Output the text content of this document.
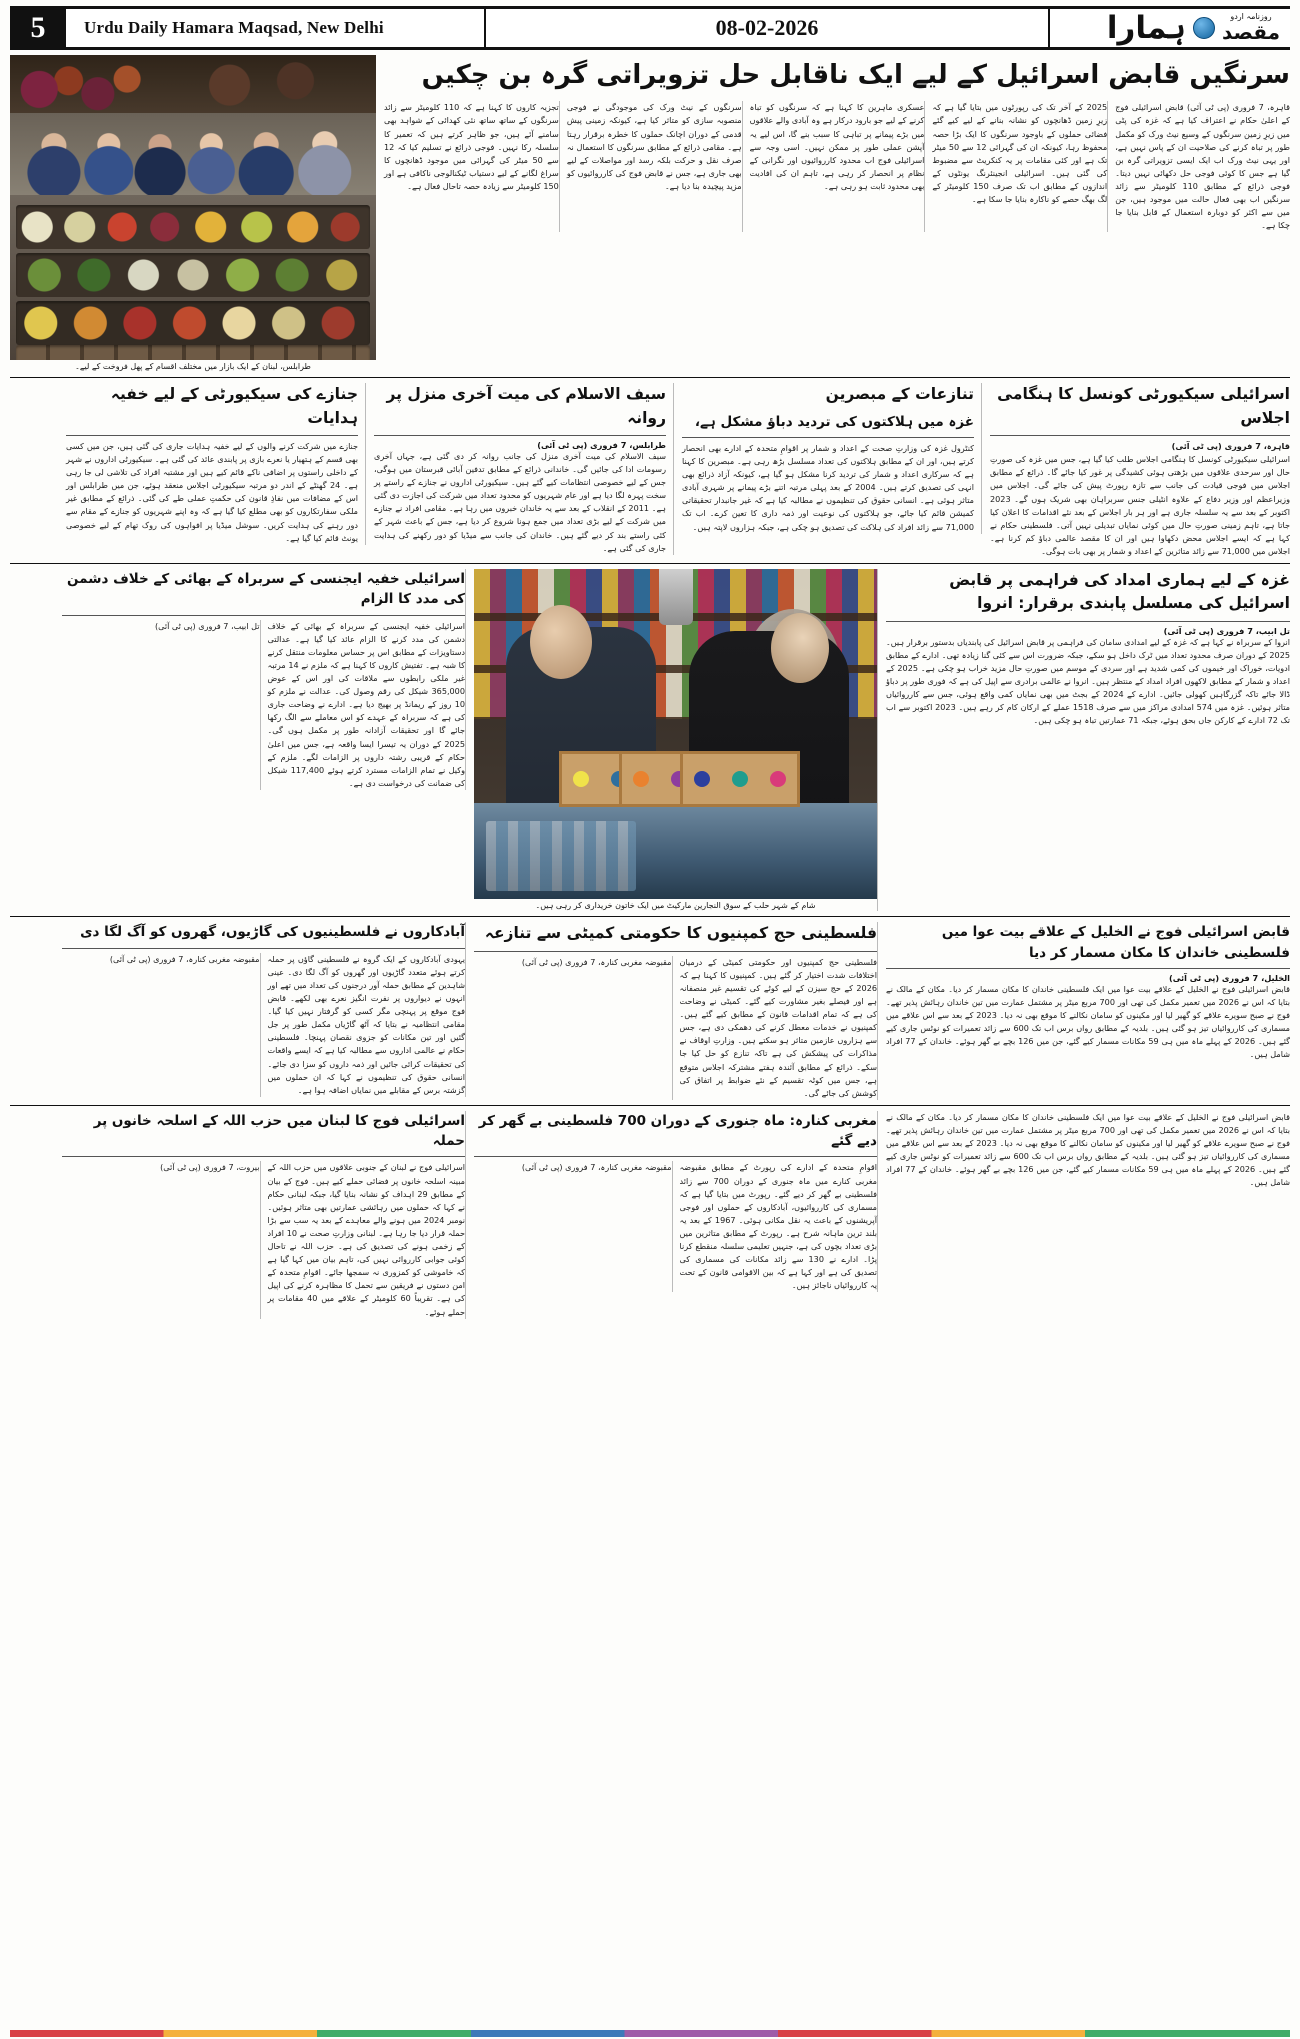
5	Urdu Daily Hamara Maqsad, New Delhi	08-02-2026	ہمارا	روزنامہ اردو
مقصد
سرنگیں قابض اسرائیل کے لیے ایک ناقابل حل تزویراتی گرہ بن چکیں
قاہرہ، 7 فروری (پی ٹی آئی) قابض اسرائیلی فوج کے اعلیٰ حکام نے اعتراف کیا ہے کہ غزہ کی پٹی میں زیرِ زمین سرنگوں کے وسیع نیٹ ورک کو مکمل طور پر تباہ کرنے کی صلاحیت ان کے پاس نہیں ہے، اور یہی نیٹ ورک اب ایک ایسی تزویراتی گرہ بن گیا ہے جس کا کوئی فوجی حل دکھائی نہیں دیتا۔ فوجی ذرائع کے مطابق 110 کلومیٹر سے زائد سرنگیں اب بھی فعال حالت میں موجود ہیں، جن میں سے اکثر کو دوبارہ استعمال کے قابل بنایا جا چکا ہے۔
2025 کے آخر تک کی رپورٹوں میں بتایا گیا ہے کہ زیرِ زمین ڈھانچوں کو نشانہ بنانے کے لیے کیے گئے فضائی حملوں کے باوجود سرنگوں کا ایک بڑا حصہ محفوظ رہا، کیونکہ ان کی گہرائی 12 سے 50 میٹر تک ہے اور کئی مقامات پر یہ کنکریٹ سے مضبوط کی گئی ہیں۔ اسرائیلی انجینئرنگ یونٹوں کے اندازوں کے مطابق اب تک صرف 150 کلومیٹر کے لگ بھگ حصے کو ناکارہ بنایا جا سکا ہے۔
عسکری ماہرین کا کہنا ہے کہ سرنگوں کو تباہ کرنے کے لیے جو بارود درکار ہے وہ آبادی والے علاقوں میں بڑے پیمانے پر تباہی کا سبب بنے گا، اس لیے یہ آپشن عملی طور پر ممکن نہیں۔ اسی وجہ سے اسرائیلی فوج اب محدود کارروائیوں اور نگرانی کے نظام پر انحصار کر رہی ہے، تاہم ان کی افادیت بھی محدود ثابت ہو رہی ہے۔
سرنگوں کے نیٹ ورک کی موجودگی نے فوجی منصوبہ سازی کو متاثر کیا ہے، کیونکہ زمینی پیش قدمی کے دوران اچانک حملوں کا خطرہ برقرار رہتا ہے۔ مقامی ذرائع کے مطابق سرنگوں کا استعمال نہ صرف نقل و حرکت بلکہ رسد اور مواصلات کے لیے بھی جاری ہے، جس نے قابض فوج کی کارروائیوں کو مزید پیچیدہ بنا دیا ہے۔
تجزیہ کاروں کا کہنا ہے کہ 110 کلومیٹر سے زائد سرنگوں کے ساتھ ساتھ نئی کھدائی کے شواہد بھی سامنے آئے ہیں، جو ظاہر کرتے ہیں کہ تعمیر کا سلسلہ رکا نہیں۔ فوجی ذرائع نے تسلیم کیا کہ 12 سے 50 میٹر کی گہرائی میں موجود ڈھانچوں کا سراغ لگانے کے لیے دستیاب ٹیکنالوجی ناکافی ہے اور 150 کلومیٹر سے زیادہ حصہ تاحال فعال ہے۔
طرابلس، لبنان کے ایک بازار میں مختلف اقسام کے پھل فروخت کے لیے۔
اسرائیلی سیکیورٹی کونسل کا ہنگامی اجلاس
قاہرہ، 7 فروری (پی ٹی آئی)
اسرائیلی سیکیورٹی کونسل کا ہنگامی اجلاس طلب کیا گیا ہے، جس میں غزہ کی صورتِ حال اور سرحدی علاقوں میں بڑھتی ہوئی کشیدگی پر غور کیا جائے گا۔ ذرائع کے مطابق اجلاس میں فوجی قیادت کی جانب سے تازہ رپورٹ پیش کی جائے گی۔ اجلاس میں وزیراعظم اور وزیر دفاع کے علاوہ انٹیلی جنس سربراہان بھی شریک ہوں گے۔ 2023 اکتوبر کے بعد سے یہ سلسلہ جاری ہے اور ہر بار اجلاس کے بعد نئے اقدامات کا اعلان کیا جاتا ہے، تاہم زمینی صورتِ حال میں کوئی نمایاں تبدیلی نہیں آتی۔ فلسطینی حکام نے کہا ہے کہ ایسے اجلاس محض دکھاوا ہیں اور ان کا مقصد عالمی دباؤ کم کرنا ہے۔ اجلاس میں 71,000 سے زائد متاثرین کے اعداد و شمار پر بھی بات ہوگی۔
تنازعات کے مبصرین
غزہ میں ہلاکتوں کی تردید دباؤ مشکل ہے،
کنٹرول غزہ کی وزارتِ صحت کے اعداد و شمار پر اقوامِ متحدہ کے ادارے بھی انحصار کرتے ہیں، اور ان کے مطابق ہلاکتوں کی تعداد مسلسل بڑھ رہی ہے۔ مبصرین کا کہنا ہے کہ سرکاری اعداد و شمار کی تردید کرنا مشکل ہو گیا ہے، کیونکہ آزاد ذرائع بھی انہی کی تصدیق کرتے ہیں۔ 2004 کے بعد پہلی مرتبہ اتنے بڑے پیمانے پر شہری آبادی متاثر ہوئی ہے۔ انسانی حقوق کی تنظیموں نے مطالبہ کیا ہے کہ غیر جانبدار تحقیقاتی کمیشن قائم کیا جائے، جو ہلاکتوں کی نوعیت اور ذمہ داری کا تعین کرے۔ اب تک 71,000 سے زائد افراد کی ہلاکت کی تصدیق ہو چکی ہے، جبکہ ہزاروں لاپتہ ہیں۔
سیف الاسلام کی میت آخری منزل پر روانہ
طرابلس، 7 فروری (پی ٹی آئی)
سیف الاسلام کی میت آخری منزل کی جانب روانہ کر دی گئی ہے، جہاں آخری رسومات ادا کی جائیں گی۔ خاندانی ذرائع کے مطابق تدفین آبائی قبرستان میں ہوگی، جس کے لیے خصوصی انتظامات کیے گئے ہیں۔ سیکیورٹی اداروں نے جنازے کے راستے پر سخت پہرہ لگا دیا ہے اور عام شہریوں کو محدود تعداد میں شرکت کی اجازت دی گئی ہے۔ 2011 کے انقلاب کے بعد سے یہ خاندان خبروں میں رہا ہے۔ مقامی افراد نے جنازے میں شرکت کے لیے بڑی تعداد میں جمع ہونا شروع کر دیا ہے، جس کے باعث شہر کے کئی راستے بند کر دیے گئے ہیں۔ خاندان کی جانب سے میڈیا کو دور رکھنے کی ہدایت جاری کی گئی ہے۔
جنازے کی سیکیورٹی کے لیے خفیہ ہدایات
جنازے میں شرکت کرنے والوں کے لیے خفیہ ہدایات جاری کی گئی ہیں، جن میں کسی بھی قسم کے ہتھیار یا نعرے بازی پر پابندی عائد کی گئی ہے۔ سیکیورٹی اداروں نے شہر کے داخلی راستوں پر اضافی ناکے قائم کیے ہیں اور مشتبہ افراد کی تلاشی لی جا رہی ہے۔ 24 گھنٹے کے اندر دو مرتبہ سیکیورٹی اجلاس منعقد ہوئے، جن میں طرابلس اور اس کے مضافات میں نفاذِ قانون کی حکمتِ عملی طے کی گئی۔ ذرائع کے مطابق غیر ملکی سفارتکاروں کو بھی مطلع کیا گیا ہے کہ وہ اپنے شہریوں کو جنازے کے مقام سے دور رہنے کی ہدایت کریں۔ سوشل میڈیا پر افواہوں کی روک تھام کے لیے خصوصی یونٹ قائم کیا گیا ہے۔
غزہ کے لیے ہماری امداد کی فراہمی پر قابض اسرائیل کی مسلسل پابندی برقرار: انروا
تل ابیب، 7 فروری (پی ٹی آئی)
انروا کے سربراہ نے کہا ہے کہ غزہ کے لیے امدادی سامان کی فراہمی پر قابض اسرائیل کی پابندیاں بدستور برقرار ہیں۔ 2025 کے دوران صرف محدود تعداد میں ٹرک داخل ہو سکے، جبکہ ضرورت اس سے کئی گنا زیادہ تھی۔ ادارے کے مطابق ادویات، خوراک اور خیموں کی کمی شدید ہے اور سردی کے موسم میں صورتِ حال مزید خراب ہو چکی ہے۔ 2025 کے اعداد و شمار کے مطابق لاکھوں افراد امداد کے منتظر ہیں۔ انروا نے عالمی برادری سے اپیل کی ہے کہ فوری طور پر دباؤ ڈالا جائے تاکہ گزرگاہیں کھولی جائیں۔ ادارے کے 2024 کے بجٹ میں بھی نمایاں کمی واقع ہوئی، جس سے کارروائیاں متاثر ہوئیں۔ غزہ میں 574 امدادی مراکز میں سے صرف 1518 عملے کے ارکان کام کر رہے ہیں۔ 2023 اکتوبر سے اب تک 72 ادارے کے کارکن جاں بحق ہوئے، جبکہ 71 عمارتیں تباہ ہو چکی ہیں۔
شام کے شہر حلب کے سوق النجارین مارکیٹ میں ایک خاتون خریداری کر رہی ہیں۔
اسرائیلی خفیہ ایجنسی کے سربراہ کے بھائی کے خلاف دشمن کی مدد کا الزام
اسرائیلی خفیہ ایجنسی کے سربراہ کے بھائی کے خلاف دشمن کی مدد کرنے کا الزام عائد کیا گیا ہے۔ عدالتی دستاویزات کے مطابق اس پر حساس معلومات منتقل کرنے کا شبہ ہے۔ تفتیش کاروں کا کہنا ہے کہ ملزم نے 14 مرتبہ غیر ملکی رابطوں سے ملاقات کی اور اس کے عوض 365,000 شیکل کی رقم وصول کی۔ عدالت نے ملزم کو 10 روز کے ریمانڈ پر بھیج دیا ہے۔ ادارے نے وضاحت جاری کی ہے کہ سربراہ کے عہدے کو اس معاملے سے الگ رکھا جائے گا اور تحقیقات آزادانہ طور پر مکمل ہوں گی۔ 2025 کے دوران یہ تیسرا ایسا واقعہ ہے، جس میں اعلیٰ حکام کے قریبی رشتہ داروں پر الزامات لگے۔ ملزم کے وکیل نے تمام الزامات مسترد کرتے ہوئے 117,400 شیکل کی ضمانت کی درخواست دی ہے۔
تل ابیب، 7 فروری (پی ٹی آئی)
قابض اسرائیلی فوج نے الخلیل کے علاقے بیت عوا میں فلسطینی خاندان کا مکان مسمار کر دیا
الخلیل، 7 فروری (پی ٹی آئی)
قابض اسرائیلی فوج نے الخلیل کے علاقے بیت عوا میں ایک فلسطینی خاندان کا مکان مسمار کر دیا۔ مکان کے مالک نے بتایا کہ اس نے 2026 میں تعمیر مکمل کی تھی اور 700 مربع میٹر پر مشتمل عمارت میں تین خاندان رہائش پذیر تھے۔ فوج نے صبح سویرے علاقے کو گھیر لیا اور مکینوں کو سامان نکالنے کا موقع بھی نہ دیا۔ 2023 کے بعد سے اس علاقے میں مسماری کی کارروائیاں تیز ہو گئی ہیں۔ بلدیہ کے مطابق رواں برس اب تک 600 سے زائد تعمیرات کو نوٹس جاری کیے گئے ہیں۔ 2026 کے پہلے ماہ میں ہی 59 مکانات مسمار کیے گئے، جن میں 126 بچے بے گھر ہوئے۔ خاندان کے 77 افراد شامل ہیں۔
فلسطینی حج کمپنیوں کا حکومتی کمیٹی سے تنازعہ
فلسطینی حج کمپنیوں اور حکومتی کمیٹی کے درمیان اختلافات شدت اختیار کر گئے ہیں۔ کمپنیوں کا کہنا ہے کہ 2026 کے حج سیزن کے لیے کوٹے کی تقسیم غیر منصفانہ ہے اور فیصلے بغیر مشاورت کیے گئے۔ کمیٹی نے وضاحت کی ہے کہ تمام اقدامات قانون کے مطابق کیے گئے ہیں۔ کمپنیوں نے خدمات معطل کرنے کی دھمکی دی ہے، جس سے ہزاروں عازمین متاثر ہو سکتے ہیں۔ وزارتِ اوقاف نے مذاکرات کی پیشکش کی ہے تاکہ تنازع کو حل کیا جا سکے۔ ذرائع کے مطابق آئندہ ہفتے مشترکہ اجلاس متوقع ہے، جس میں کوٹہ تقسیم کے نئے ضوابط پر اتفاق کی کوشش کی جائے گی۔
مقبوضہ مغربی کنارہ، 7 فروری (پی ٹی آئی)
آبادکاروں نے فلسطینیوں کی گاڑیوں، گھروں کو آگ لگا دی
یہودی آبادکاروں کے ایک گروہ نے فلسطینی گاؤں پر حملہ کرتے ہوئے متعدد گاڑیوں اور گھروں کو آگ لگا دی۔ عینی شاہدین کے مطابق حملہ آور درجنوں کی تعداد میں تھے اور انہوں نے دیواروں پر نفرت انگیز نعرے بھی لکھے۔ قابض فوج موقع پر پہنچی مگر کسی کو گرفتار نہیں کیا گیا۔ مقامی انتظامیہ نے بتایا کہ آٹھ گاڑیاں مکمل طور پر جل گئیں اور تین مکانات کو جزوی نقصان پہنچا۔ فلسطینی حکام نے عالمی اداروں سے مطالبہ کیا ہے کہ ایسے واقعات کی تحقیقات کرائی جائیں اور ذمہ داروں کو سزا دی جائے۔ انسانی حقوق کی تنظیموں نے کہا کہ ان حملوں میں گزشتہ برس کے مقابلے میں نمایاں اضافہ ہوا ہے۔
مقبوضہ مغربی کنارہ، 7 فروری (پی ٹی آئی)
قابض اسرائیلی فوج نے الخلیل کے علاقے بیت عوا میں ایک فلسطینی خاندان کا مکان مسمار کر دیا۔ مکان کے مالک نے بتایا کہ اس نے 2026 میں تعمیر مکمل کی تھی اور 700 مربع میٹر پر مشتمل عمارت میں تین خاندان رہائش پذیر تھے۔ فوج نے صبح سویرے علاقے کو گھیر لیا اور مکینوں کو سامان نکالنے کا موقع بھی نہ دیا۔ 2023 کے بعد سے اس علاقے میں مسماری کی کارروائیاں تیز ہو گئی ہیں۔ بلدیہ کے مطابق رواں برس اب تک 600 سے زائد تعمیرات کو نوٹس جاری کیے گئے ہیں۔ 2026 کے پہلے ماہ میں ہی 59 مکانات مسمار کیے گئے، جن میں 126 بچے بے گھر ہوئے۔ خاندان کے 77 افراد شامل ہیں۔
مغربی کنارہ: ماہ جنوری کے دوران 700 فلسطینی بے گھر کر دیے گئے
اقوامِ متحدہ کے ادارے کی رپورٹ کے مطابق مقبوضہ مغربی کنارے میں ماہ جنوری کے دوران 700 سے زائد فلسطینی بے گھر کر دیے گئے۔ رپورٹ میں بتایا گیا ہے کہ مسماری کی کارروائیوں، آبادکاروں کے حملوں اور فوجی آپریشنوں کے باعث یہ نقل مکانی ہوئی۔ 1967 کے بعد یہ بلند ترین ماہانہ شرح ہے۔ رپورٹ کے مطابق متاثرین میں بڑی تعداد بچوں کی ہے، جنہیں تعلیمی سلسلہ منقطع کرنا پڑا۔ ادارے نے 130 سے زائد مکانات کی مسماری کی تصدیق کی ہے اور کہا ہے کہ بین الاقوامی قانون کے تحت یہ کارروائیاں ناجائز ہیں۔
مقبوضہ مغربی کنارہ، 7 فروری (پی ٹی آئی)
اسرائیلی فوج کا لبنان میں حزب اللہ کے اسلحہ خانوں پر حملہ
اسرائیلی فوج نے لبنان کے جنوبی علاقوں میں حزب اللہ کے مبینہ اسلحہ خانوں پر فضائی حملے کیے ہیں۔ فوج کے بیان کے مطابق 29 اہداف کو نشانہ بنایا گیا، جبکہ لبنانی حکام نے کہا کہ حملوں میں رہائشی عمارتیں بھی متاثر ہوئیں۔ نومبر 2024 میں ہونے والے معاہدے کے بعد یہ سب سے بڑا حملہ قرار دیا جا رہا ہے۔ لبنانی وزارتِ صحت نے 10 افراد کے زخمی ہونے کی تصدیق کی ہے۔ حزب اللہ نے تاحال کوئی جوابی کارروائی نہیں کی، تاہم بیان میں کہا گیا ہے کہ خاموشی کو کمزوری نہ سمجھا جائے۔ اقوامِ متحدہ کے امن دستوں نے فریقین سے تحمل کا مظاہرہ کرنے کی اپیل کی ہے۔ تقریباً 60 کلومیٹر کے علاقے میں 40 مقامات پر حملے ہوئے۔
بیروت، 7 فروری (پی ٹی آئی)
